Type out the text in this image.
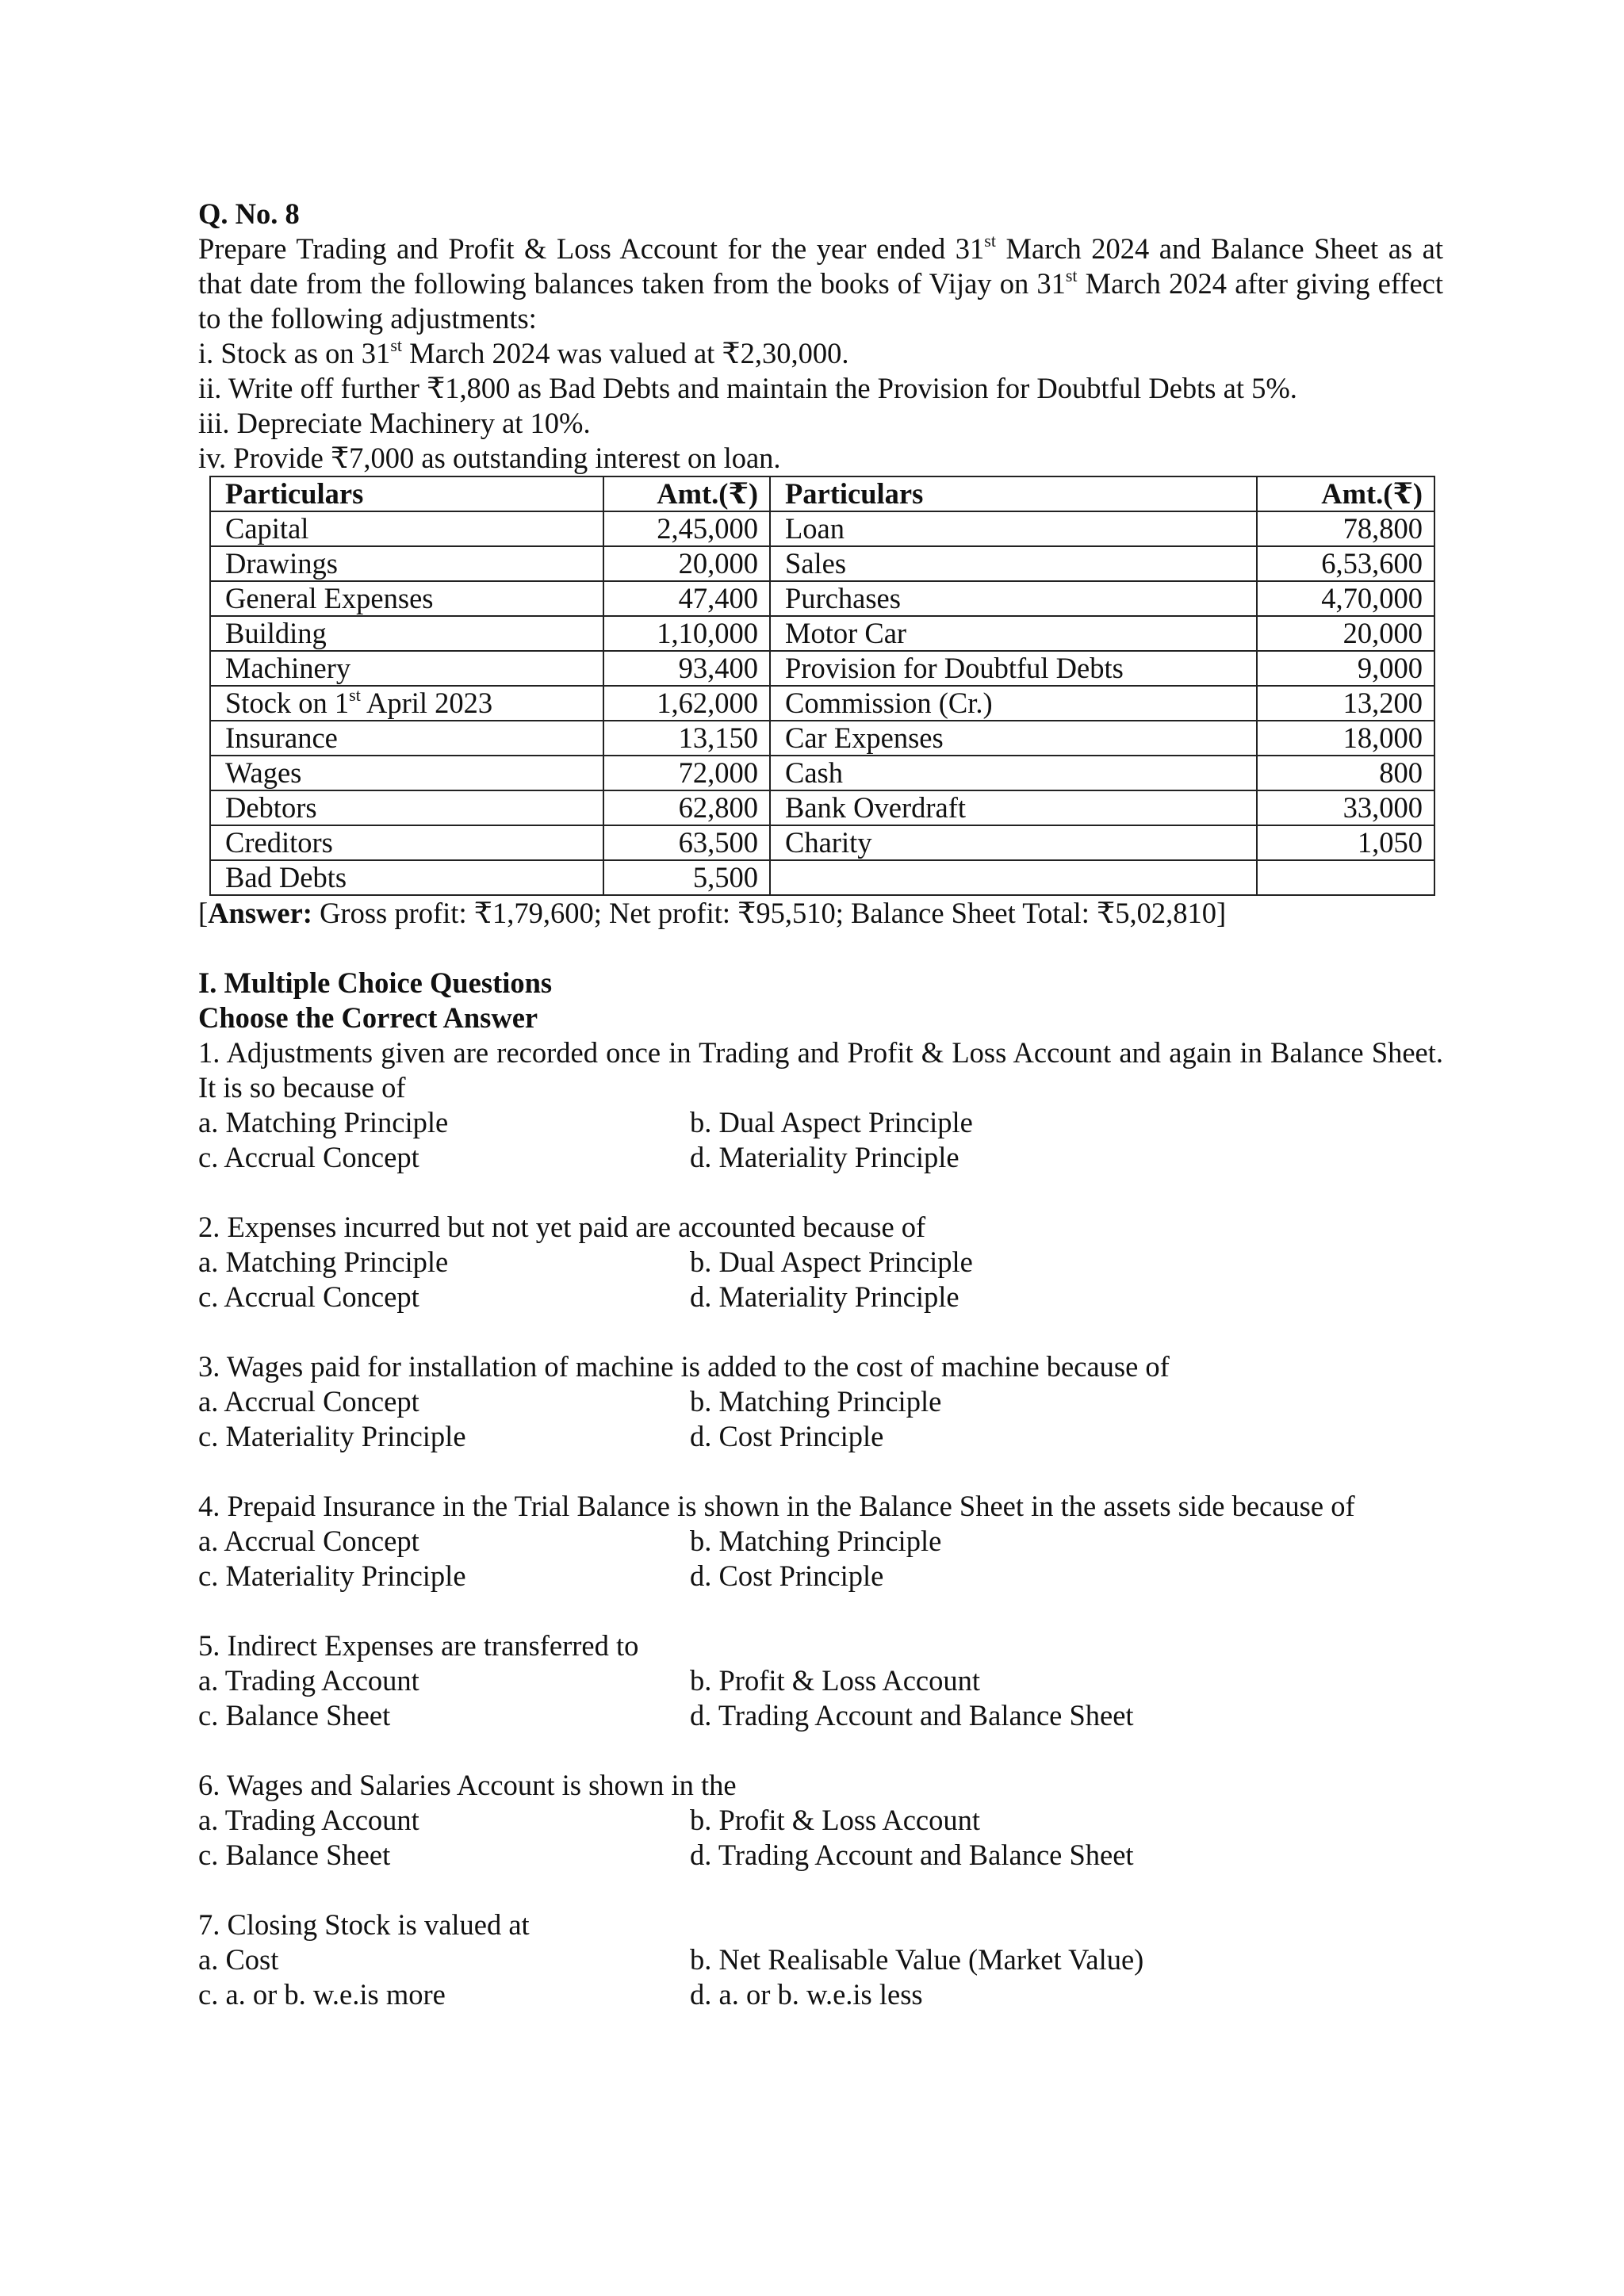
Q. No. 8
Prepare Trading and Profit & Loss Account for the year ended 31st March 2024 and Balance Sheet as at that date from the following balances taken from the books of Vijay on 31st March 2024 after giving effect to the following adjustments:
i. Stock as on 31st March 2024 was valued at ₹2,30,000.
ii. Write off further ₹1,800 as Bad Debts and maintain the Provision for Doubtful Debts at 5%.
iii. Depreciate Machinery at 10%.
iv. Provide ₹7,000 as outstanding interest on loan.
Particulars	Amt.(₹)	Particulars	Amt.(₹)
Capital	2,45,000	Loan	78,800
Drawings	20,000	Sales	6,53,600
General Expenses	47,400	Purchases	4,70,000
Building	1,10,000	Motor Car	20,000
Machinery	93,400	Provision for Doubtful Debts	9,000
Stock on 1st April 2023	1,62,000	Commission (Cr.)	13,200
Insurance	13,150	Car Expenses	18,000
Wages	72,000	Cash	800
Debtors	62,800	Bank Overdraft	33,000
Creditors	63,500	Charity	1,050
Bad Debts	5,500		
[Answer: Gross profit: ₹1,79,600; Net profit: ₹95,510; Balance Sheet Total: ₹5,02,810]
I. Multiple Choice Questions
Choose the Correct Answer
1. Adjustments given are recorded once in Trading and Profit & Loss Account and again in Balance Sheet. It is so because of
a. Matching Principle	b. Dual Aspect Principle
c. Accrual Concept	d. Materiality Principle
2. Expenses incurred but not yet paid are accounted because of
a. Matching Principle	b. Dual Aspect Principle
c. Accrual Concept	d. Materiality Principle
3. Wages paid for installation of machine is added to the cost of machine because of
a. Accrual Concept	b. Matching Principle
c. Materiality Principle	d. Cost Principle
4. Prepaid Insurance in the Trial Balance is shown in the Balance Sheet in the assets side because of
a. Accrual Concept	b. Matching Principle
c. Materiality Principle	d. Cost Principle
5. Indirect Expenses are transferred to
a. Trading Account	b. Profit & Loss Account
c. Balance Sheet	d. Trading Account and Balance Sheet
6. Wages and Salaries Account is shown in the
a. Trading Account	b. Profit & Loss Account
c. Balance Sheet	d. Trading Account and Balance Sheet
7. Closing Stock is valued at
a. Cost	b. Net Realisable Value (Market Value)
c. a. or b. w.e.is more	d. a. or b. w.e.is less
